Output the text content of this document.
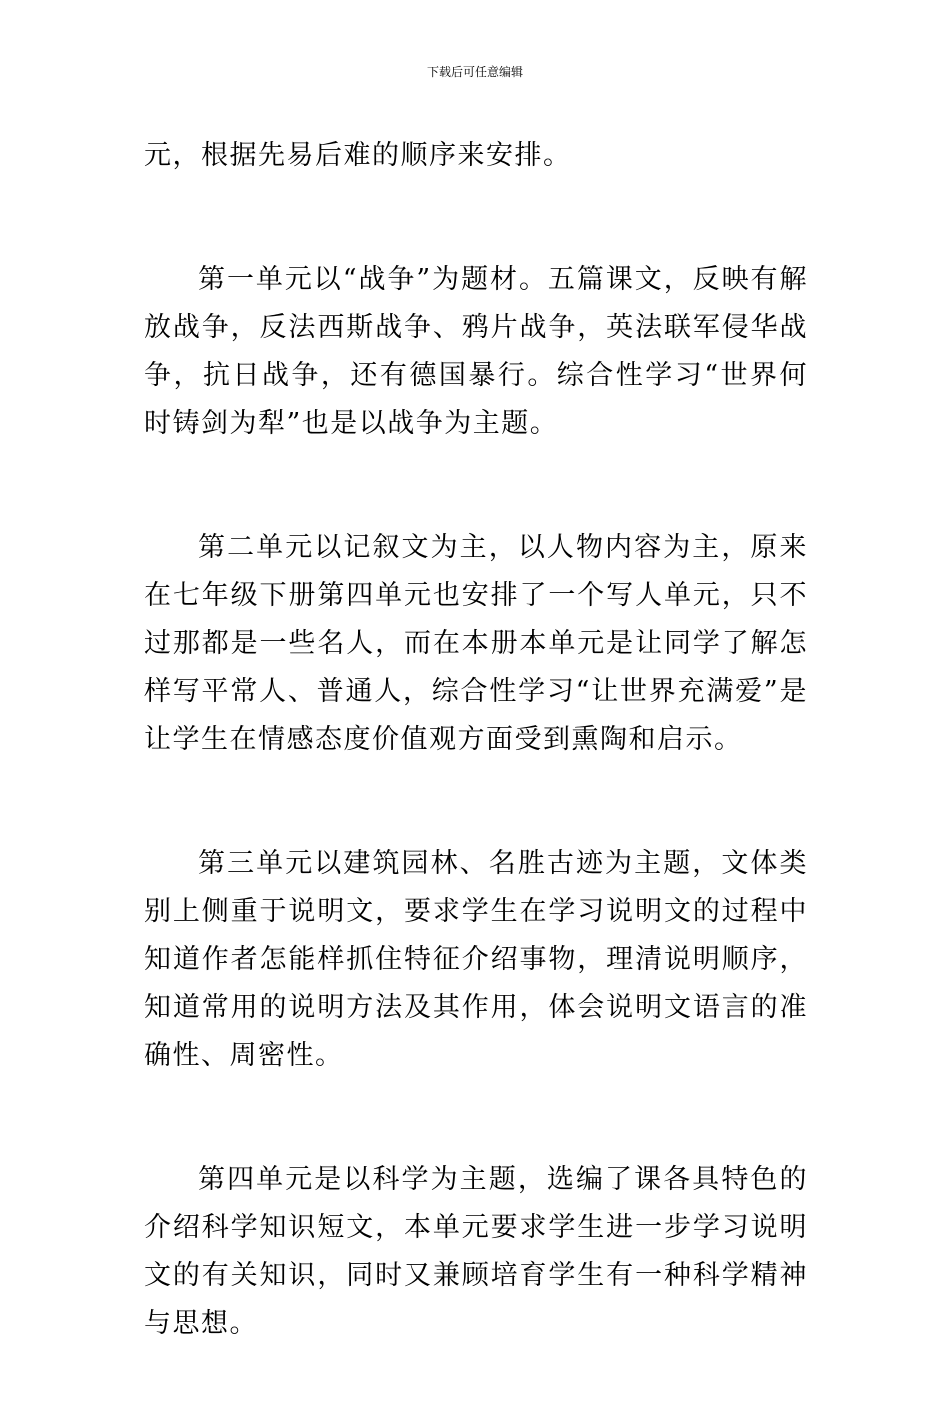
下载后可任意编辑

元，根据先易后难的顺序来安排。

第一单元以“战争”为题材。五篇课文，反映有解放战争，反法西斯战争、鸦片战争，英法联军侵华战争，抗日战争，还有德国暴行。综合性学习“世界何时铸剑为犁”也是以战争为主题。

第二单元以记叙文为主，以人物内容为主，原来在七年级下册第四单元也安排了一个写人单元，只不过那都是一些名人，而在本册本单元是让同学了解怎样写平常人、普通人，综合性学习“让世界充满爱”是让学生在情感态度价值观方面受到熏陶和启示。

第三单元以建筑园林、名胜古迹为主题，文体类别上侧重于说明文，要求学生在学习说明文的过程中知道作者怎能样抓住特征介绍事物，理清说明顺序，知道常用的说明方法及其作用，体会说明文语言的准确性、周密性。

第四单元是以科学为主题，选编了课各具特色的介绍科学知识短文，本单元要求学生进一步学习说明文的有关知识，同时又兼顾培育学生有一种科学精神与思想。
